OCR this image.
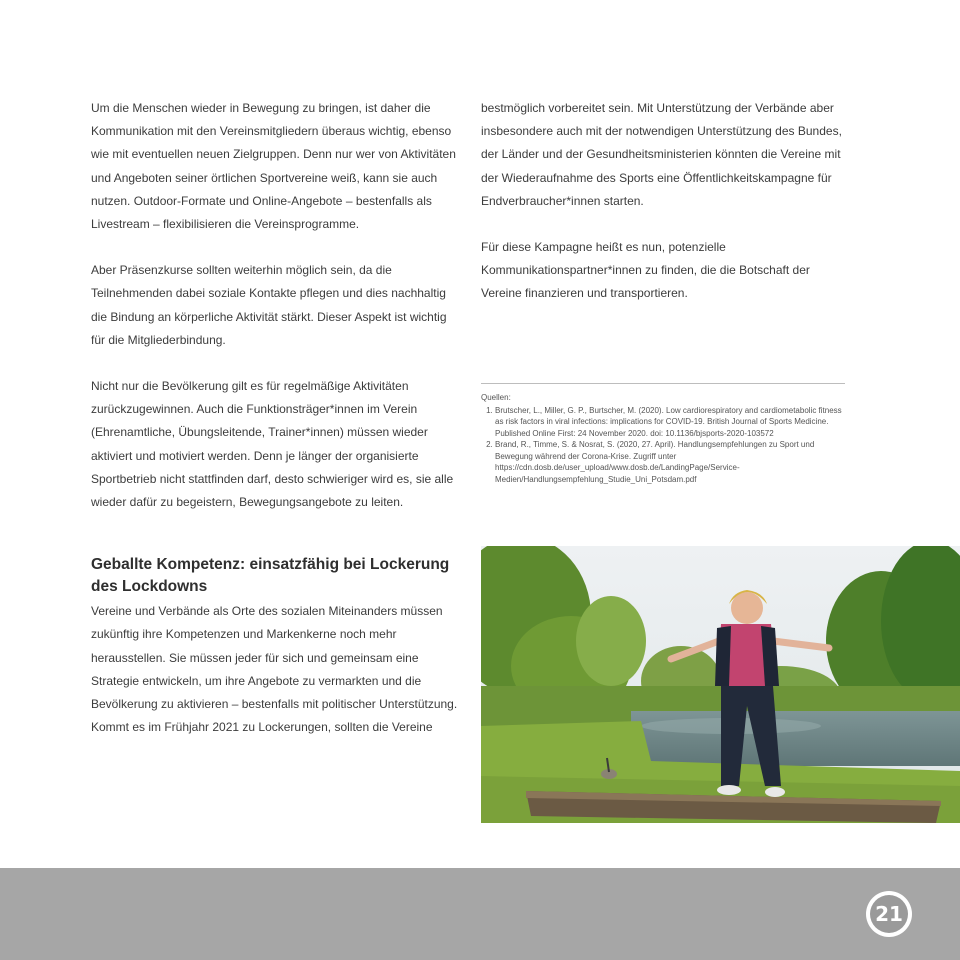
Um die Menschen wieder in Bewegung zu bringen, ist daher die Kommunikation mit den Vereinsmitgliedern überaus wichtig, ebenso wie mit eventuellen neuen Zielgruppen. Denn nur wer von Aktivitäten und Angeboten seiner örtlichen Sportvereine weiß, kann sie auch nutzen. Outdoor-Formate und Online-Angebote – bestenfalls als Livestream – flexibilisieren die Vereinsprogramme.

Aber Präsenzkurse sollten weiterhin möglich sein, da die Teilnehmenden dabei soziale Kontakte pflegen und dies nachhaltig die Bindung an körperliche Aktivität stärkt. Dieser Aspekt ist wichtig für die Mitgliederbindung.

Nicht nur die Bevölkerung gilt es für regelmäßige Aktivitäten zurückzugewinnen. Auch die Funktionsträger*innen im Verein (Ehrenamtliche, Übungsleitende, Trainer*innen) müssen wieder aktiviert und motiviert werden. Denn je länger der organisierte Sportbetrieb nicht stattfinden darf, desto schwieriger wird es, sie alle wieder dafür zu begeistern, Bewegungsangebote zu leiten.

Geballte Kompetenz: einsatzfähig bei Lockerung des Lockdowns

Vereine und Verbände als Orte des sozialen Miteinanders müssen zukünftig ihre Kompetenzen und Markenkerne noch mehr herausstellen. Sie müssen jeder für sich und gemeinsam eine Strategie entwickeln, um ihre Angebote zu vermarkten und die Bevölkerung zu aktivieren – bestenfalls mit politischer Unterstützung. Kommt es im Frühjahr 2021 zu Lockerungen, sollten die Vereine

bestmöglich vorbereitet sein. Mit Unterstützung der Verbände aber insbesondere auch mit der notwendigen Unterstützung des Bundes, der Länder und der Gesundheitsministerien könnten die Vereine mit der Wiederaufnahme des Sports eine Öffentlichkeitskampagne für Endverbraucher*innen starten.

Für diese Kampagne heißt es nun, potenzielle Kommunikationspartner*innen zu finden, die die Botschaft der Vereine finanzieren und transportieren.

Quellen:
1. Brutscher, L., Miller, G. P., Burtscher, M. (2020). Low cardiorespiratory and cardiometabolic fitness as risk factors in viral infections: implications for COVID-19. British Journal of Sports Medicine. Published Online First: 24 November 2020. doi: 10.1136/bjsports-2020-103572
2. Brand, R., Timme, S. & Nosrat, S. (2020, 27. April). Handlungsempfehlungen zu Sport und Bewegung während der Corona-Krise. Zugriff unter https://cdn.dosb.de/user_upload/www.dosb.de/LandingPage/Service-Medien/Handlungsempfehlung_Studie_Uni_Potsdam.pdf
21
